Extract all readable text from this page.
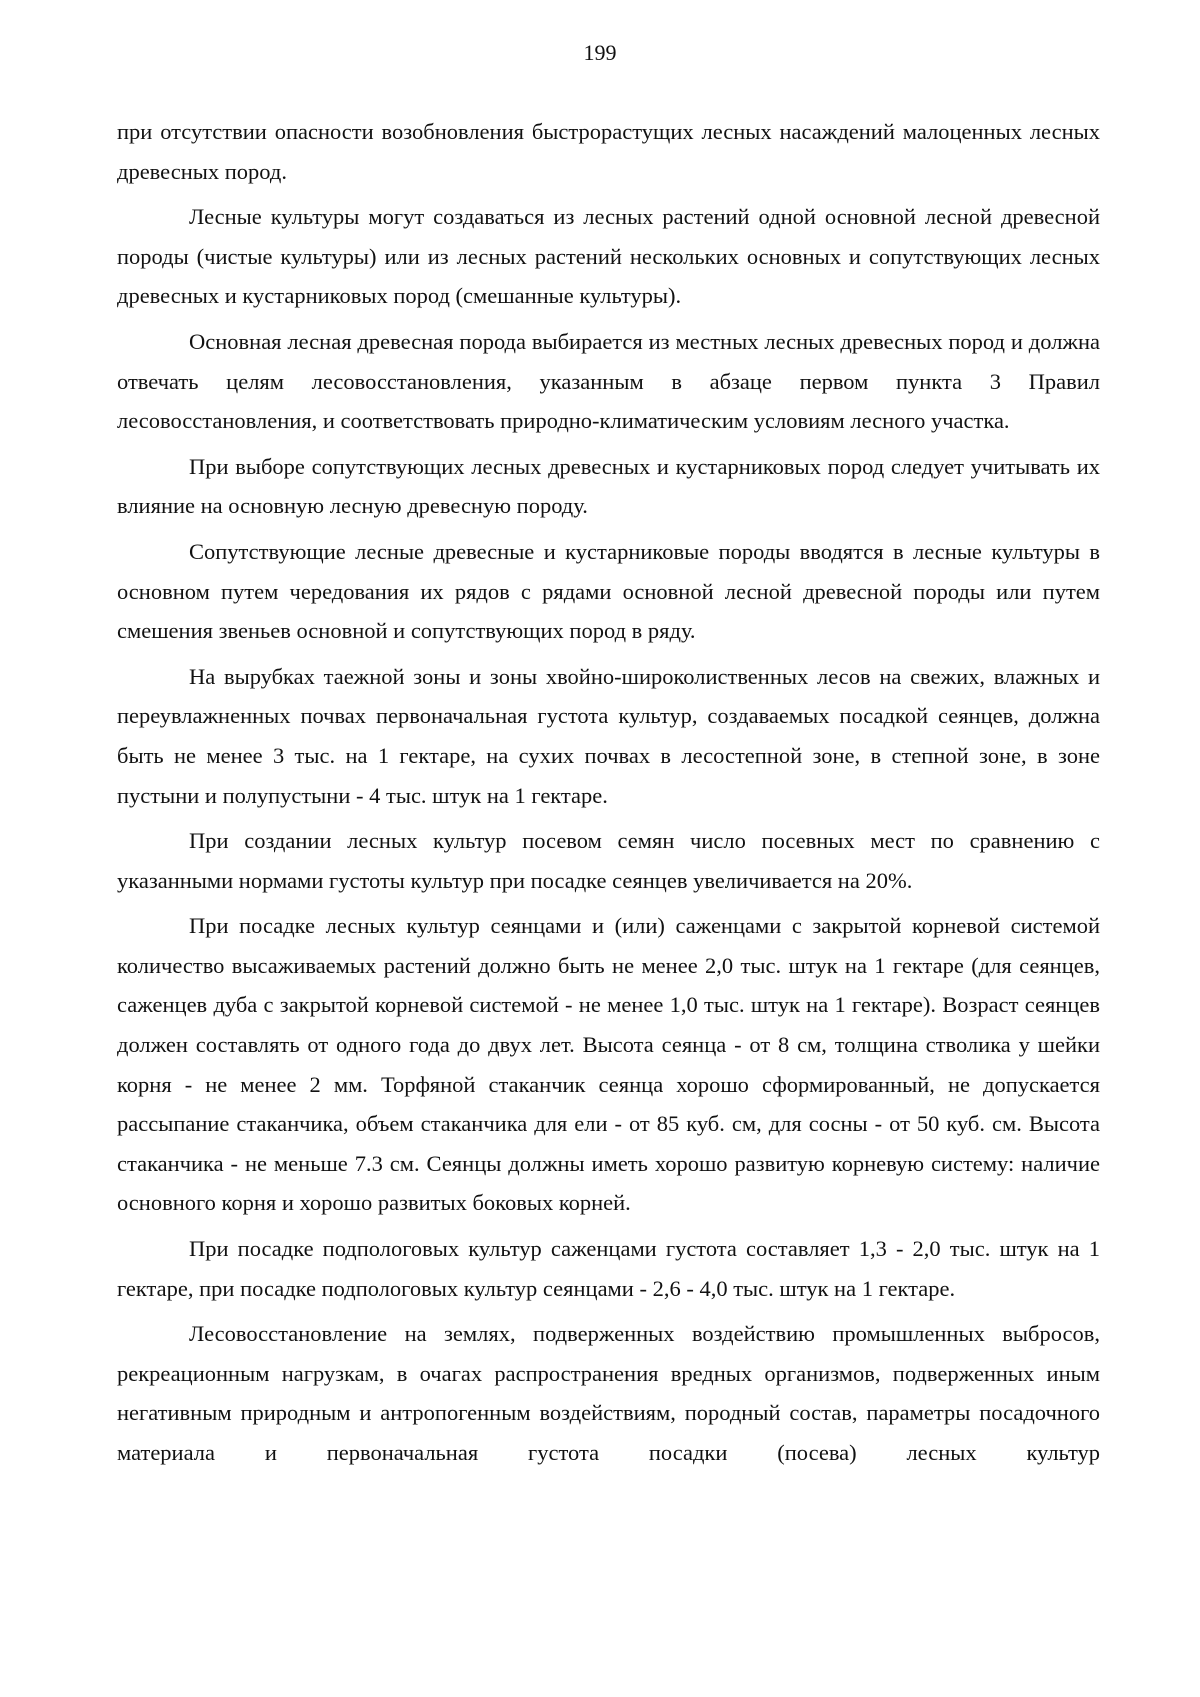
199

при отсутствии опасности возобновления быстрорастущих лесных насаждений малоценных лесных древесных пород.

Лесные культуры могут создаваться из лесных растений одной основной лесной древесной породы (чистые культуры) или из лесных растений нескольких основных и сопутствующих лесных древесных и кустарниковых пород (смешанные культуры).

Основная лесная древесная порода выбирается из местных лесных древесных пород и должна отвечать целям лесовосстановления, указанным в абзаце первом пункта 3 Правил лесовосстановления, и соответствовать природно-климатическим условиям лесного участка.

При выборе сопутствующих лесных древесных и кустарниковых пород следует учитывать их влияние на основную лесную древесную породу.

Сопутствующие лесные древесные и кустарниковые породы вводятся в лесные культуры в основном путем чередования их рядов с рядами основной лесной древесной породы или путем смешения звеньев основной и сопутствующих пород в ряду.

На вырубках таежной зоны и зоны хвойно-широколиственных лесов на свежих, влажных и переувлажненных почвах первоначальная густота культур, создаваемых посадкой сеянцев, должна быть не менее 3 тыс. на 1 гектаре, на сухих почвах в лесостепной зоне, в степной зоне, в зоне пустыни и полупустыни - 4 тыс. штук на 1 гектаре.

При создании лесных культур посевом семян число посевных мест по сравнению с указанными нормами густоты культур при посадке сеянцев увеличивается на 20%.

При посадке лесных культур сеянцами и (или) саженцами с закрытой корневой системой количество высаживаемых растений должно быть не менее 2,0 тыс. штук на 1 гектаре (для сеянцев, саженцев дуба с закрытой корневой системой - не менее 1,0 тыс. штук на 1 гектаре). Возраст сеянцев должен составлять от одного года до двух лет. Высота сеянца - от 8 см, толщина стволика у шейки корня - не менее 2 мм. Торфяной стаканчик сеянца хорошо сформированный, не допускается рассыпание стаканчика, объем стаканчика для ели - от 85 куб. см, для сосны - от 50 куб. см. Высота стаканчика - не меньше 7.3 см. Сеянцы должны иметь хорошо развитую корневую систему: наличие основного корня и хорошо развитых боковых корней.

При посадке подпологовых культур саженцами густота составляет 1,3 - 2,0 тыс. штук на 1 гектаре, при посадке подпологовых культур сеянцами - 2,6 - 4,0 тыс. штук на 1 гектаре.

Лесовосстановление на землях, подверженных воздействию промышленных выбросов, рекреационным нагрузкам, в очагах распространения вредных организмов, подверженных иным негативным природным и антропогенным воздействиям, породный состав, параметры посадочного материала и первоначальная густота посадки (посева) лесных культур
